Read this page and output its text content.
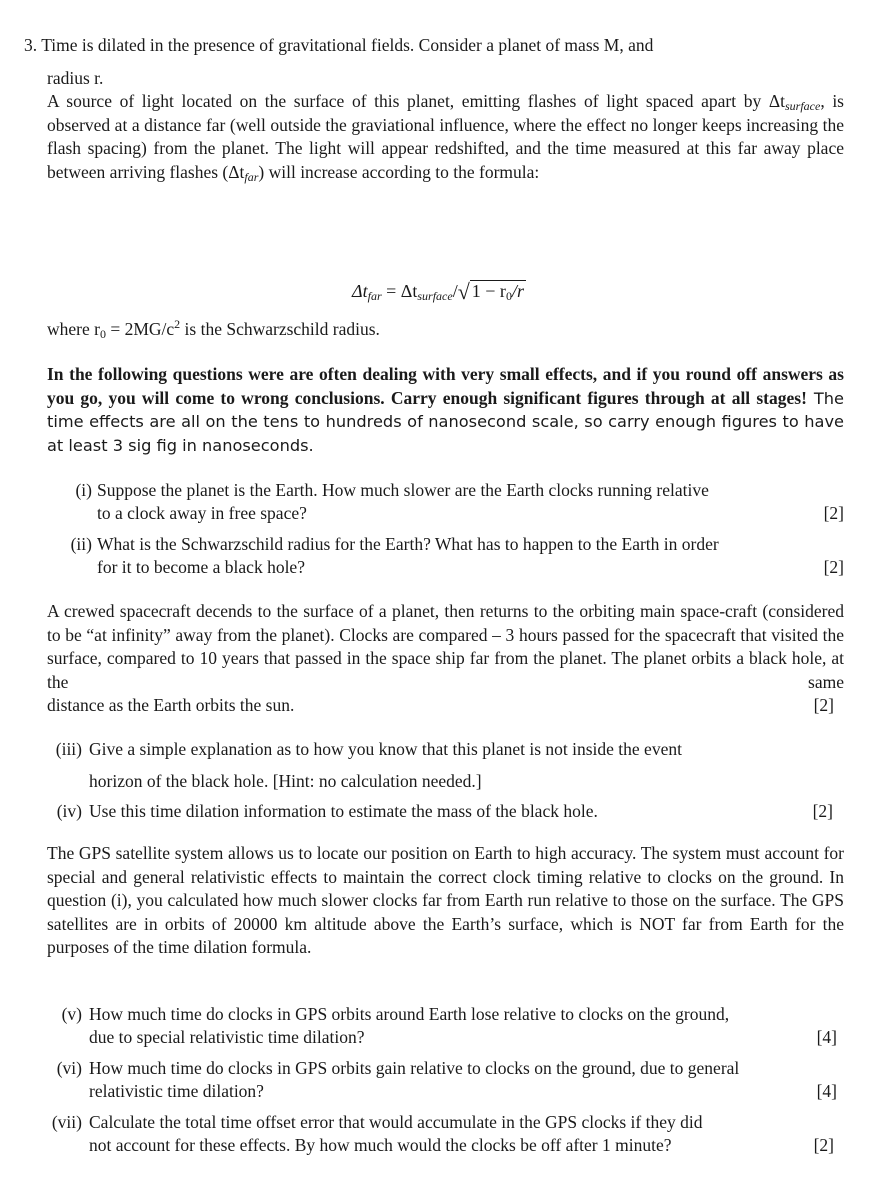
3. Time is dilated in the presence of gravitational fields. Consider a planet of mass M, and
radius r.
A source of light located on the surface of this planet, emitting flashes of light spaced apart by $\Delta t_{surface}$, is observed at a distance far (well outside the graviational influence, where the effect no longer keeps increasing the flash spacing) from the planet. The light will appear redshifted, and the time measured at this far away place between arriving flashes $(\Delta t_{far})$ will increase according to the formula:
$\Delta t_{far} = \Delta t_{surface}/√$ $1 - r_0/r$
where $r_0 = 2MG/c^2$ is the Schwarzschild radius.
In the following questions were are often dealing with very small effects, and if you round off answers as you go, you will come to wrong conclusions. Carry enough significant figures through at all stages! The time effects are all on the tens to hundreds of nanosecond scale, so carry enough figures to have at least 3 sig fig in nanoseconds.
(i) Suppose the planet is the Earth. How much slower are the Earth clocks running relative
to a clock away in free space?	[2]
(ii) What is the Schwarzschild radius for the Earth? What has to happen to the Earth in order
for it to become a black hole?	[2]
A crewed spacecraft decends to the surface of a planet, then returns to the orbiting main space-craft (considered to be “at infinity” away from the planet). Clocks are compared – 3 hours passed for the spacecraft that visited the surface, compared to 10 years that passed in the space ship far from the planet. The planet orbits a black hole, at the same
distance as the Earth orbits the sun.	[2]
(iii) Give a simple explanation as to how you know that this planet is not inside the event
horizon of the black hole. [Hint: no calculation needed.]
(iv) Use this time dilation information to estimate the mass of the black hole.	[2]
The GPS satellite system allows us to locate our position on Earth to high accuracy. The system must account for special and general relativistic effects to maintain the correct clock timing relative to clocks on the ground. In question (i), you calculated how much slower clocks far from Earth run relative to those on the surface. The GPS satellites are in orbits of 20000 km altitude above the Earth’s surface, which is NOT far from Earth for the purposes of the time dilation formula.
(v) How much time do clocks in GPS orbits around Earth lose relative to clocks on the ground,
due to special relativistic time dilation?	[4]
(vi) How much time do clocks in GPS orbits gain relative to clocks on the ground, due to general
relativistic time dilation?	[4]
(vii) Calculate the total time offset error that would accumulate in the GPS clocks if they did
not account for these effects. By how much would the clocks be off after 1 minute?	[2]
